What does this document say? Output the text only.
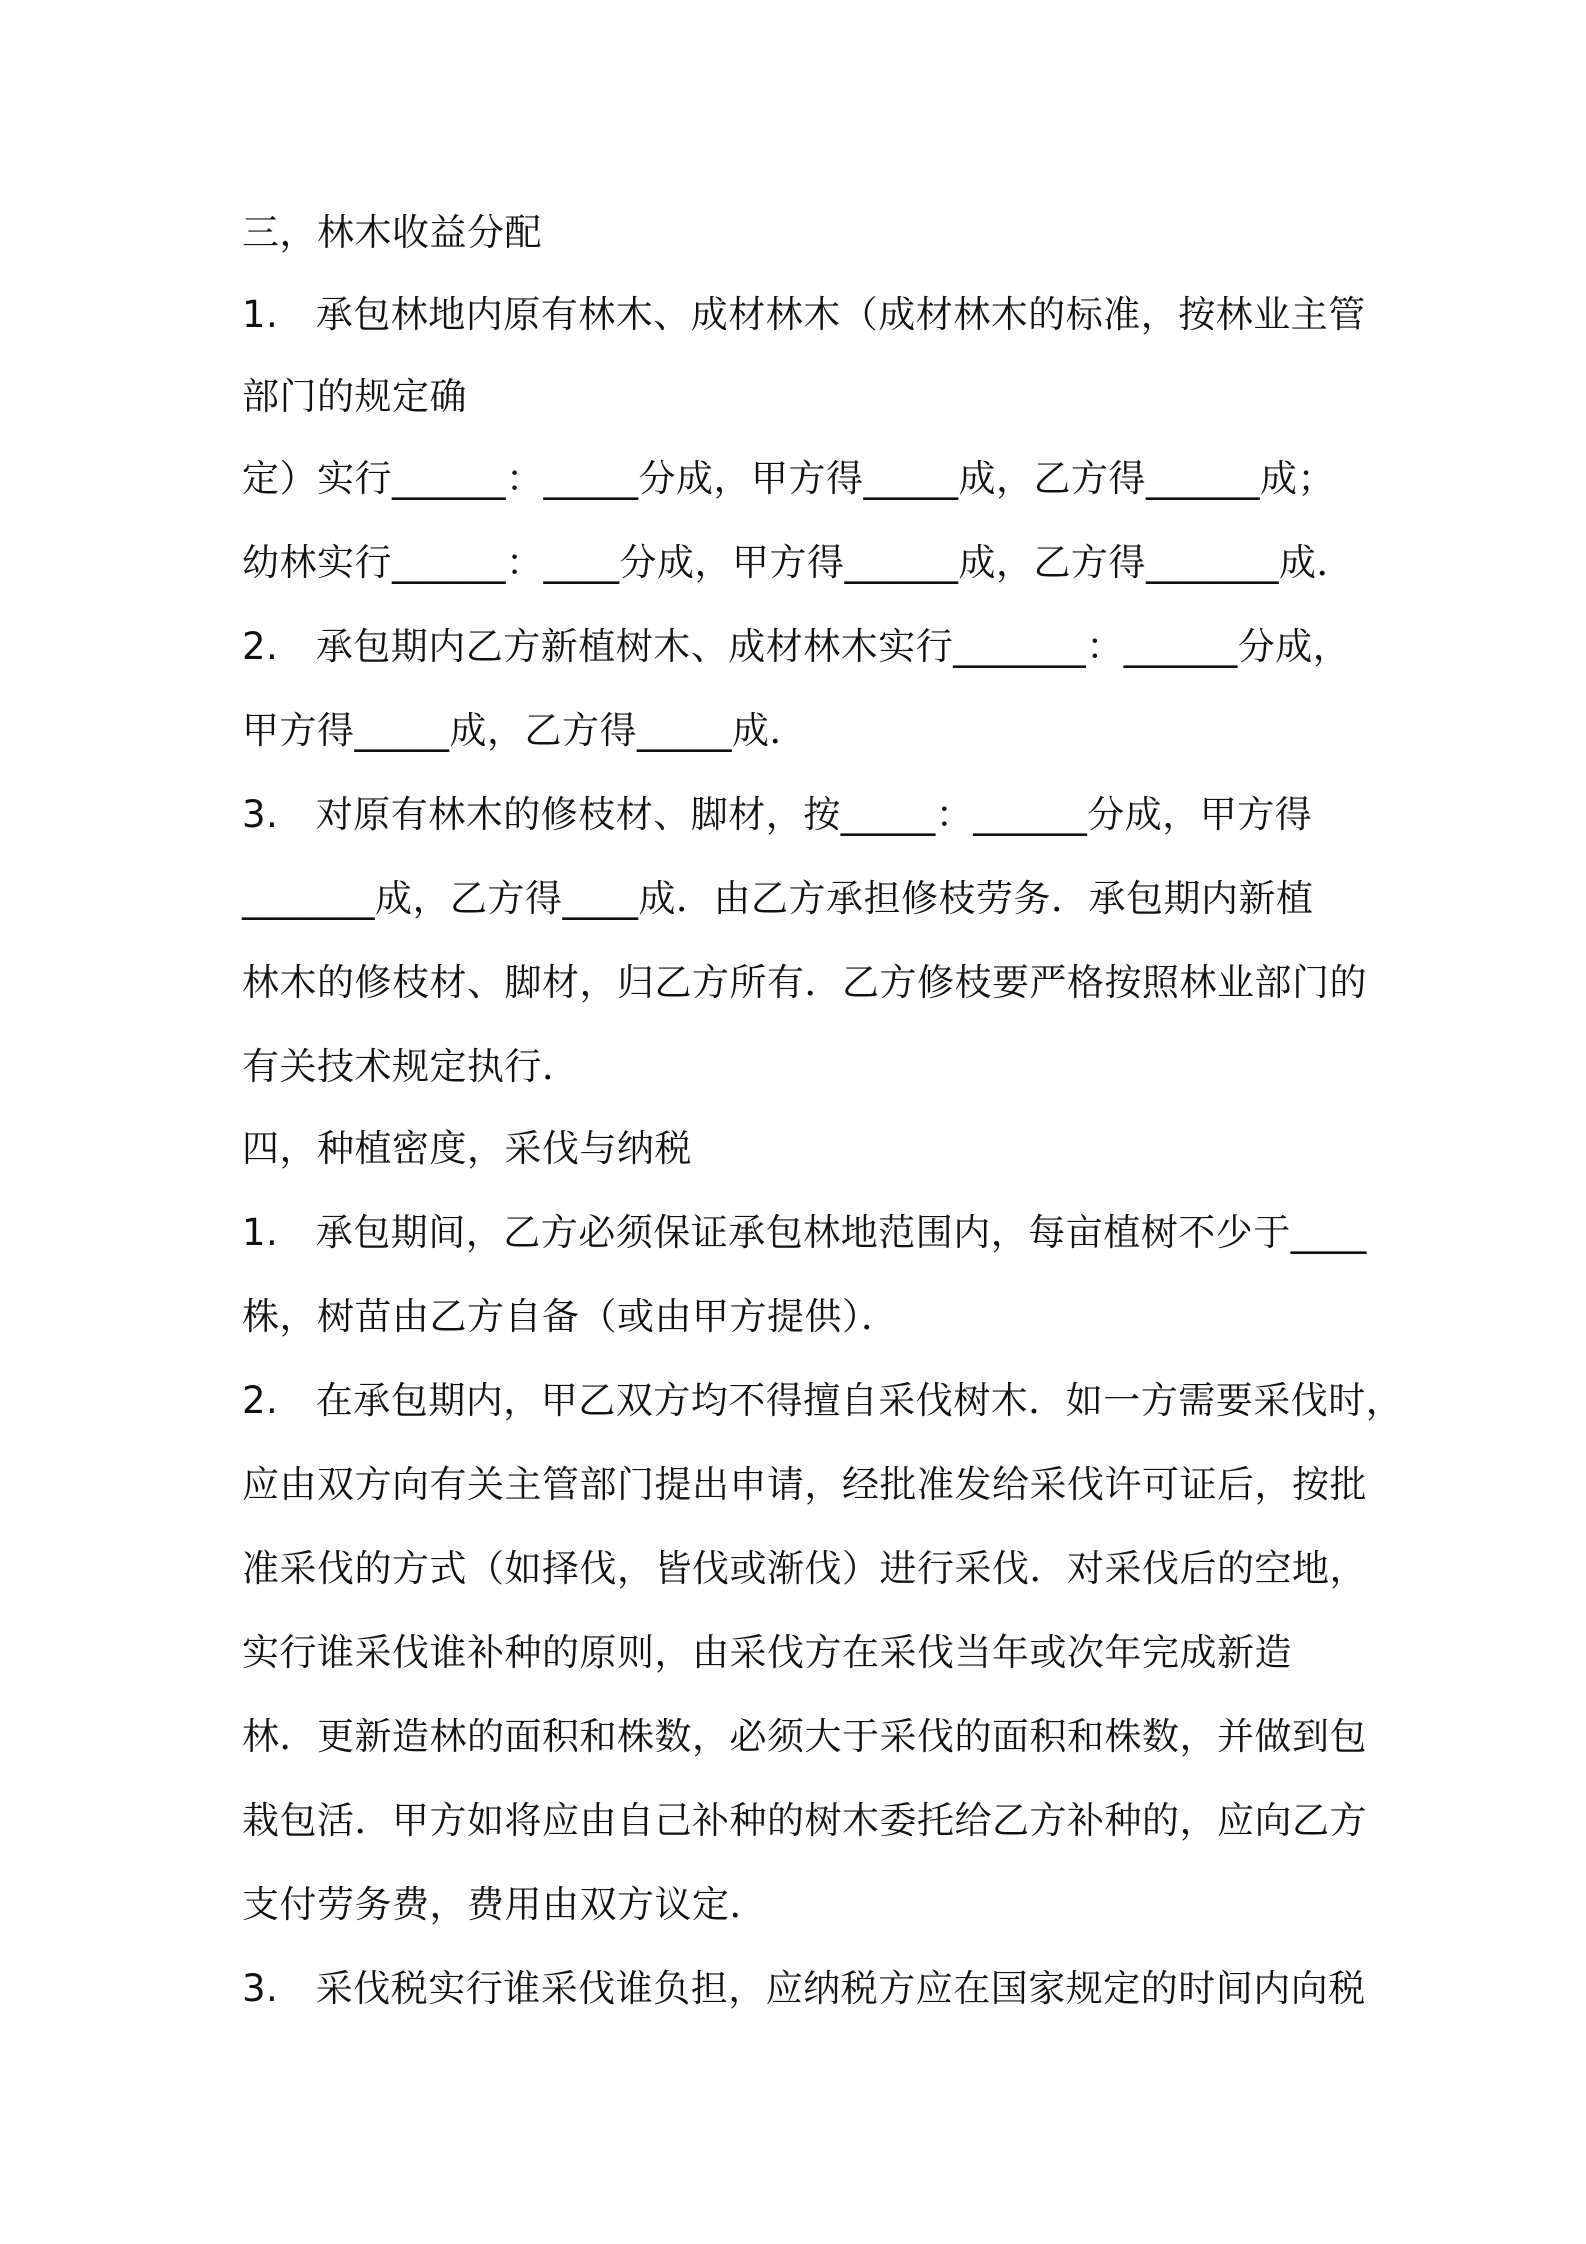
三，林木收益分配
1.　承包林地内原有林木、成材林木（成材林木的标准，按林业主管
部门的规定确
定）实行______：_____分成，甲方得_____成，乙方得______成；
幼林实行______：____分成，甲方得______成，乙方得_______成．
2.　承包期内乙方新植树木、成材林木实行_______：______分成，
甲方得_____成，乙方得_____成．
3.　对原有林木的修枝材、脚材，按_____：______分成，甲方得
_______成，乙方得____成．由乙方承担修枝劳务．承包期内新植
林木的修枝材、脚材，归乙方所有．乙方修枝要严格按照林业部门的
有关技术规定执行．
四，种植密度，采伐与纳税
1.　承包期间，乙方必须保证承包林地范围内，每亩植树不少于____
株，树苗由乙方自备（或由甲方提供）．
2.　在承包期内，甲乙双方均不得擅自采伐树木．如一方需要采伐时，
应由双方向有关主管部门提出申请，经批准发给采伐许可证后，按批
准采伐的方式（如择伐，皆伐或渐伐）进行采伐．对采伐后的空地，
实行谁采伐谁补种的原则，由采伐方在采伐当年或次年完成新造
林．更新造林的面积和株数，必须大于采伐的面积和株数，并做到包
栽包活．甲方如将应由自己补种的树木委托给乙方补种的，应向乙方
支付劳务费，费用由双方议定．
3.　采伐税实行谁采伐谁负担，应纳税方应在国家规定的时间内向税
